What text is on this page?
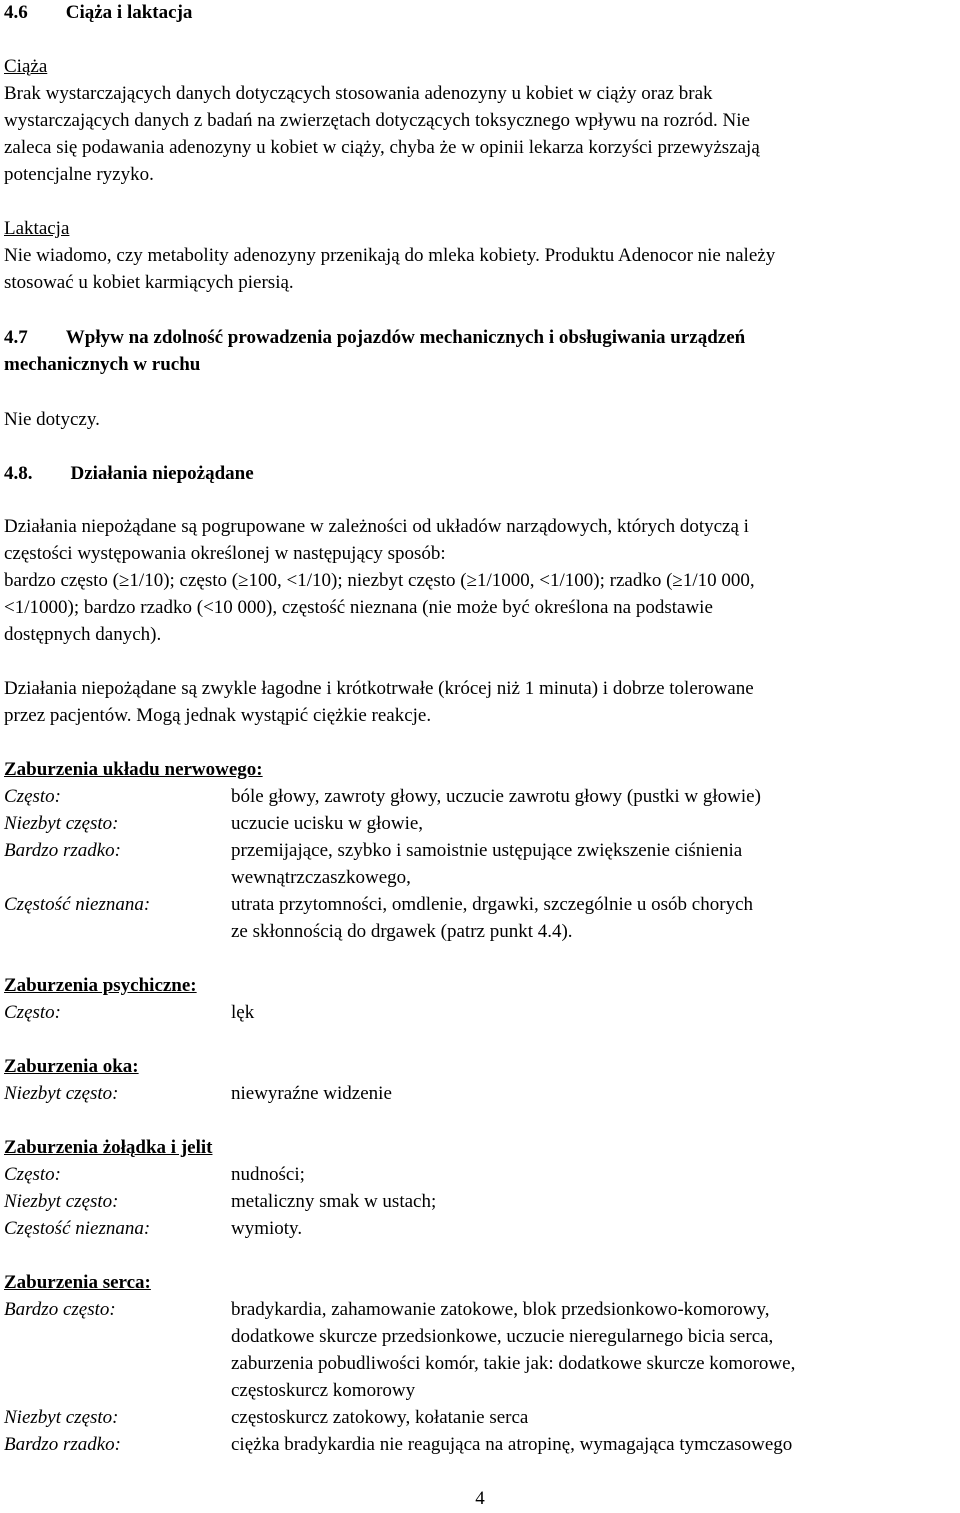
4.6  Ciąża i laktacja
Ciąża
Brak wystarczających danych dotyczących stosowania adenozyny u kobiet w ciąży oraz brak
wystarczających danych z badań na zwierzętach dotyczących toksycznego wpływu na rozród. Nie
zaleca się podawania adenozyny u kobiet w ciąży, chyba że w opinii lekarza korzyści przewyższają
potencjalne ryzyko.
Laktacja
Nie wiadomo, czy metabolity adenozyny przenikają do mleka kobiety. Produktu Adenocor nie należy
stosować u kobiet karmiących piersią.
4.7  Wpływ na zdolność prowadzenia pojazdów mechanicznych i obsługiwania urządzeń
mechanicznych w ruchu
Nie dotyczy.
4.8.  Działania niepożądane
Działania niepożądane są pogrupowane w zależności od układów narządowych, których dotyczą i
częstości występowania określonej w następujący sposób:
bardzo często (≥1/10); często (≥100, <1/10); niezbyt często (≥1/1000, <1/100); rzadko (≥1/10 000,
<1/1000); bardzo rzadko (<10 000), częstość nieznana (nie może być określona na podstawie
dostępnych danych).
Działania niepożądane są zwykle łagodne i krótkotrwałe (krócej niż 1 minuta) i dobrze tolerowane
przez pacjentów. Mogą jednak wystąpić ciężkie reakcje.
Zaburzenia układu nerwowego:
Często:	bóle głowy, zawroty głowy, uczucie zawrotu głowy (pustki w głowie)
Niezbyt często:	uczucie ucisku w głowie,
Bardzo rzadko:	przemijające, szybko i samoistnie ustępujące zwiększenie ciśnienia
wewnątrzczaszkowego,
Częstość nieznana:	utrata przytomności, omdlenie, drgawki, szczególnie u osób chorych
ze skłonnością do drgawek (patrz punkt 4.4).
Zaburzenia psychiczne:
Często:	lęk
Zaburzenia oka:
Niezbyt często:	niewyraźne widzenie
Zaburzenia żołądka i jelit
Często:	nudności;
Niezbyt często:	metaliczny smak w ustach;
Częstość nieznana:	wymioty.
Zaburzenia serca:
Bardzo często:	bradykardia, zahamowanie zatokowe, blok przedsionkowo-komorowy,
dodatkowe skurcze przedsionkowe, uczucie nieregularnego bicia serca,
zaburzenia pobudliwości komór, takie jak: dodatkowe skurcze komorowe,
częstoskurcz komorowy
Niezbyt często:	częstoskurcz zatokowy, kołatanie serca
Bardzo rzadko:	ciężka bradykardia nie reagująca na atropinę, wymagająca tymczasowego
4
